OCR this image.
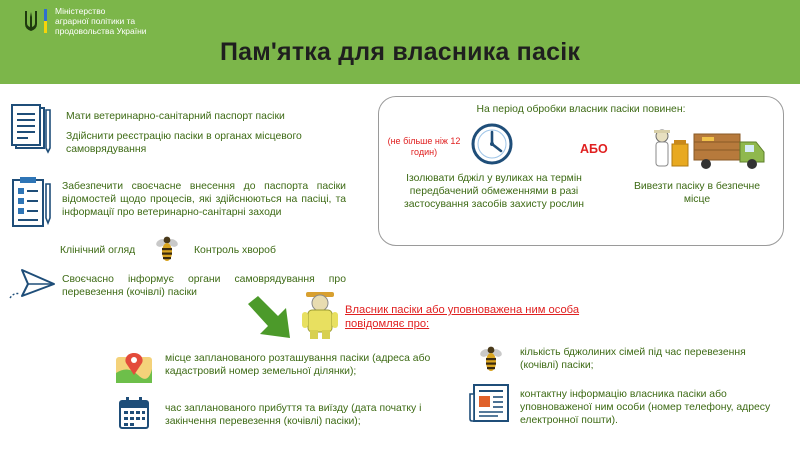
Міністерство
аграрної політики та
продовольства України
Пам'ятка для власника пасік
Мати ветеринарно-санітарний паспорт пасіки
Здійснити реєстрацію пасіки в органах місцевого самоврядування
Забезпечити своєчасне внесення до паспорта пасіки відомостей щодо процесів, які здійснюються на пасіці, та інформації про ветеринарно-санітарні заходи
Клінічний огляд	Контроль хвороб
Своєчасно інформує органи самоврядування про перевезення (кочівлі) пасіки
На період обробки власник пасіки повинен:
(не більше ніж 12 годин)	АБО
Ізолювати бджіл у вуликах на термін передбачений обмеженнями в разі застосування засобів захисту рослин
Вивезти пасіку в безпечне місце
Власник пасіки або уповноважена ним особа повідомляє про:
місце запланованого розташування пасіки (адреса або кадастровий номер земельної ділянки);
час запланованого прибуття та виїзду (дата початку і закінчення перевезення (кочівлі) пасіки);
кількість бджолиних сімей під час перевезення (кочівлі) пасіки;
контактну інформацію власника пасіки або уповноваженої ним особи (номер телефону, адресу електронної пошти).
